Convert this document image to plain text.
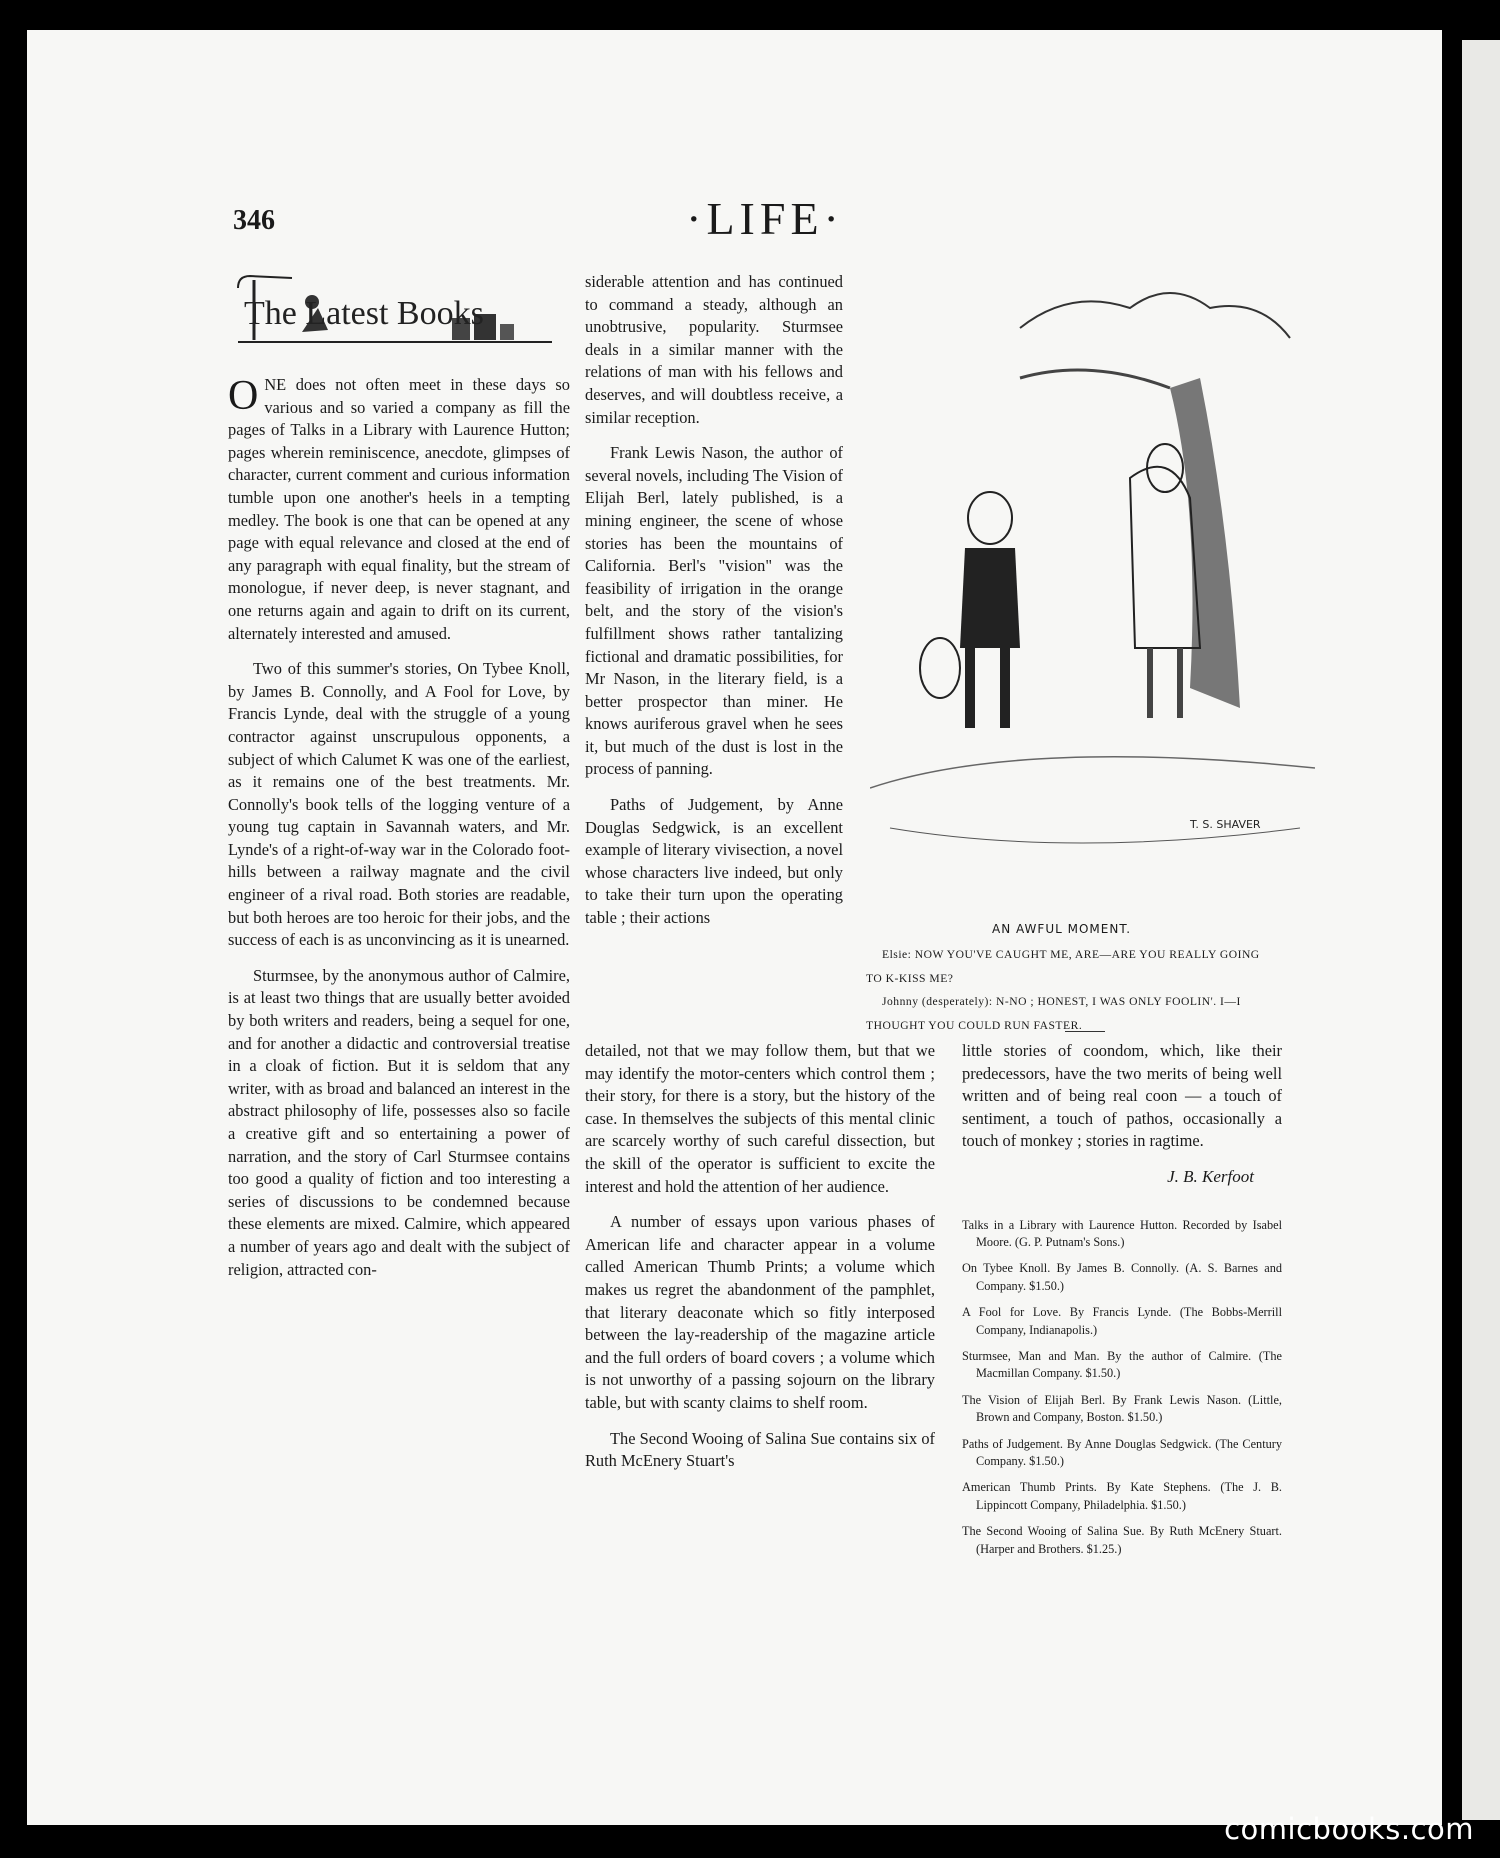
346	·LIFE·
The Latest Books

ONE does not often meet in these days so various and so varied a company as fill the pages of Talks in a Library with Laurence Hutton; pages wherein reminiscence, anecdote, glimpses of character, current comment and curious information tumble upon one another's heels in a tempting medley. The book is one that can be opened at any page with equal relevance and closed at the end of any paragraph with equal finality, but the stream of monologue, if never deep, is never stagnant, and one returns again and again to drift on its current, alternately interested and amused.

Two of this summer's stories, On Tybee Knoll, by James B. Connolly, and A Fool for Love, by Francis Lynde, deal with the struggle of a young contractor against unscrupulous opponents, a subject of which Calumet K was one of the earliest, as it remains one of the best treatments. Mr. Connolly's book tells of the logging venture of a young tug captain in Savannah waters, and Mr. Lynde's of a right-of-way war in the Colorado foot-hills between a railway magnate and the civil engineer of a rival road. Both stories are readable, but both heroes are too heroic for their jobs, and the success of each is as unconvincing as it is unearned.

Sturmsee, by the anonymous author of Calmire, is at least two things that are usually better avoided by both writers and readers, being a sequel for one, and for another a didactic and controversial treatise in a cloak of fiction. But it is seldom that any writer, with as broad and balanced an interest in the abstract philosophy of life, possesses also so facile a creative gift and so entertaining a power of narration, and the story of Carl Sturmsee contains too good a quality of fiction and too interesting a series of discussions to be condemned because these elements are mixed. Calmire, which appeared a number of years ago and dealt with the subject of religion, attracted con-

siderable attention and has continued to command a steady, although an unobtrusive, popularity. Sturmsee deals in a similar manner with the relations of man with his fellows and deserves, and will doubtless receive, a similar reception.

Frank Lewis Nason, the author of several novels, including The Vision of Elijah Berl, lately published, is a mining engineer, the scene of whose stories has been the mountains of California. Berl's "vision" was the feasibility of irrigation in the orange belt, and the story of the vision's fulfillment shows rather tantalizing fictional and dramatic possibilities, for Mr Nason, in the literary field, is a better prospector than miner. He knows auriferous gravel when he sees it, but much of the dust is lost in the process of panning.

Paths of Judgement, by Anne Douglas Sedgwick, is an excellent example of literary vivisection, a novel whose characters live indeed, but only to take their turn upon the operating table ; their actions

detailed, not that we may follow them, but that we may identify the motor-centers which control them ; their story, for there is a story, but the history of the case. In themselves the subjects of this mental clinic are scarcely worthy of such careful dissection, but the skill of the operator is sufficient to excite the interest and hold the attention of her audience.

A number of essays upon various phases of American life and character appear in a volume called American Thumb Prints; a volume which makes us regret the abandonment of the pamphlet, that literary deaconate which so fitly interposed between the lay-readership of the magazine article and the full orders of board covers ; a volume which is not unworthy of a passing sojourn on the library table, but with scanty claims to shelf room.

The Second Wooing of Salina Sue contains six of Ruth McEnery Stuart's

T. S. SHAVER
AN AWFUL MOMENT.
Elsie: NOW YOU'VE CAUGHT ME, ARE—ARE YOU REALLY GOING TO K-KISS ME?
Johnny (desperately): N-NO ; HONEST, I WAS ONLY FOOLIN'. I—I THOUGHT YOU COULD RUN FASTER.

little stories of coondom, which, like their predecessors, have the two merits of being well written and of being real coon — a touch of sentiment, a touch of pathos, occasionally a touch of monkey ; stories in ragtime.

J. B. Kerfoot
Talks in a Library with Laurence Hutton. Recorded by Isabel Moore. (G. P. Putnam's Sons.)
On Tybee Knoll. By James B. Connolly. (A. S. Barnes and Company. $1.50.)
A Fool for Love. By Francis Lynde. (The Bobbs-Merrill Company, Indianapolis.)
Sturmsee, Man and Man. By the author of Calmire. (The Macmillan Company. $1.50.)
The Vision of Elijah Berl. By Frank Lewis Nason. (Little, Brown and Company, Boston. $1.50.)
Paths of Judgement. By Anne Douglas Sedgwick. (The Century Company. $1.50.)
American Thumb Prints. By Kate Stephens. (The J. B. Lippincott Company, Philadelphia. $1.50.)
The Second Wooing of Salina Sue. By Ruth McEnery Stuart. (Harper and Brothers. $1.25.)
comicbooks.com
